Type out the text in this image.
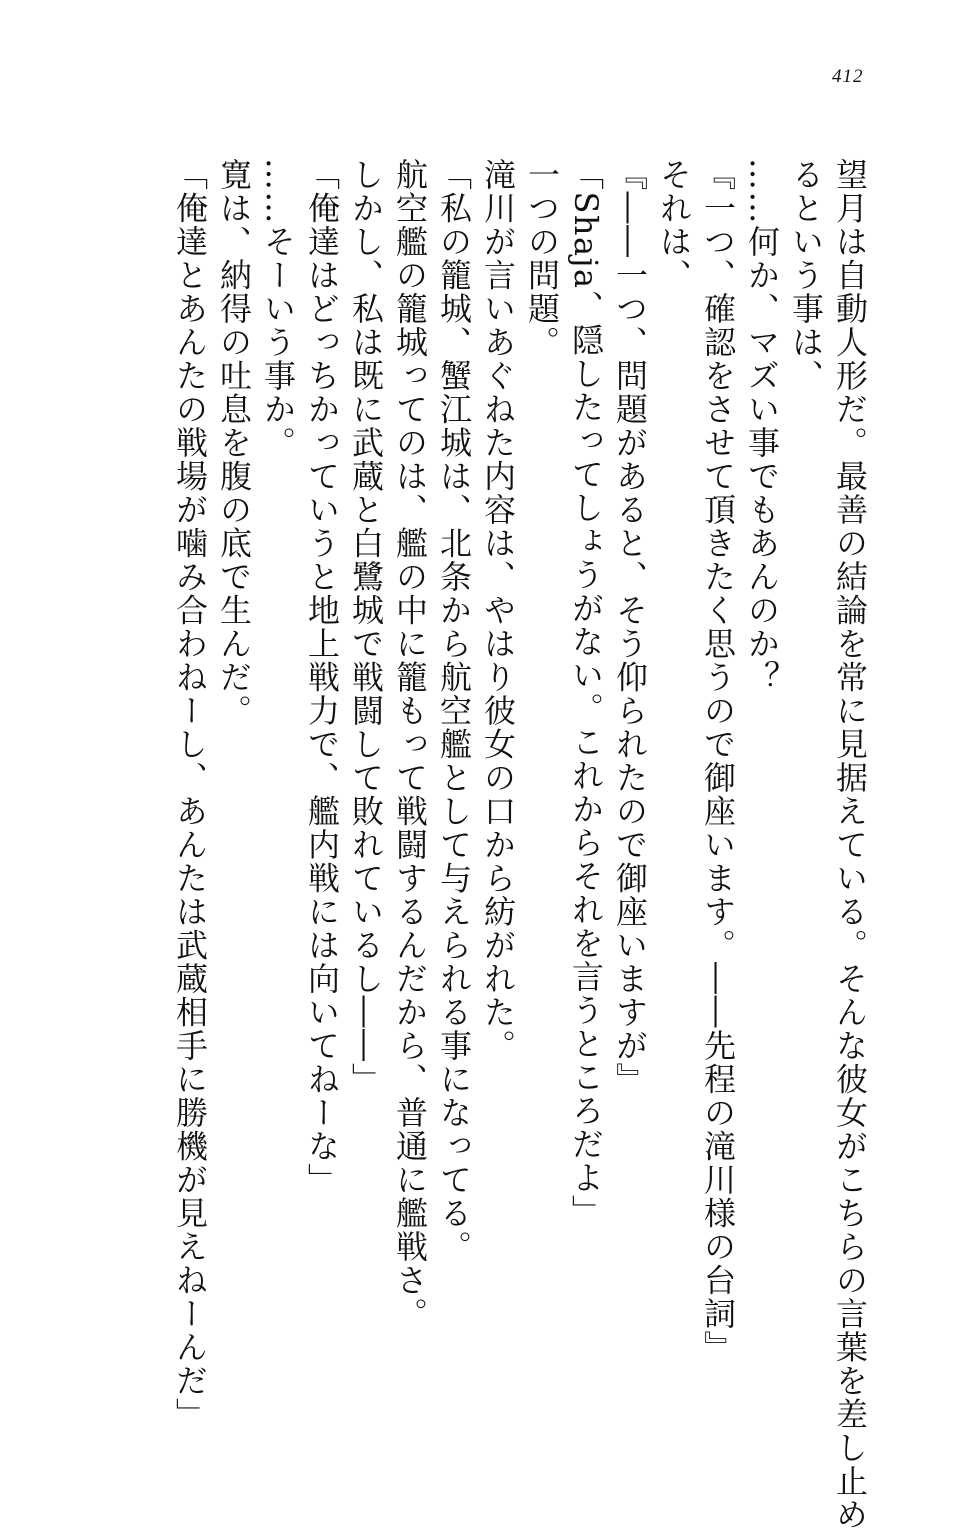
412

望月は自動人形だ。最善の結論を常に見据えている。そんな彼女がこちらの言葉を差し止め

るという事は、

……何か、マズい事でもあんのか？

『一つ、確認をさせて頂きたく思うので御座います。――先程の滝川様の台詞』

それは、

『――一つ、問題があると、そう仰られたので御座いますが』

「Shaja、隠したってしょうがない。これからそれを言うところだよ」

一つの問題。

滝川が言いあぐねた内容は、やはり彼女の口から紡がれた。

「私の籠城、蟹江城は、北条から航空艦として与えられる事になってる。

航空艦の籠城ってのは、艦の中に籠もって戦闘するんだから、普通に艦戦さ。

しかし、私は既に武蔵と白鷺城で戦闘して敗れているし――」

「俺達はどっちかっていうと地上戦力で、艦内戦には向いてねーな」

……そーいう事か。

寛は、納得の吐息を腹の底で生んだ。

「俺達とあんたの戦場が噛み合わねーし、あんたは武蔵相手に勝機が見えねーんだ」
